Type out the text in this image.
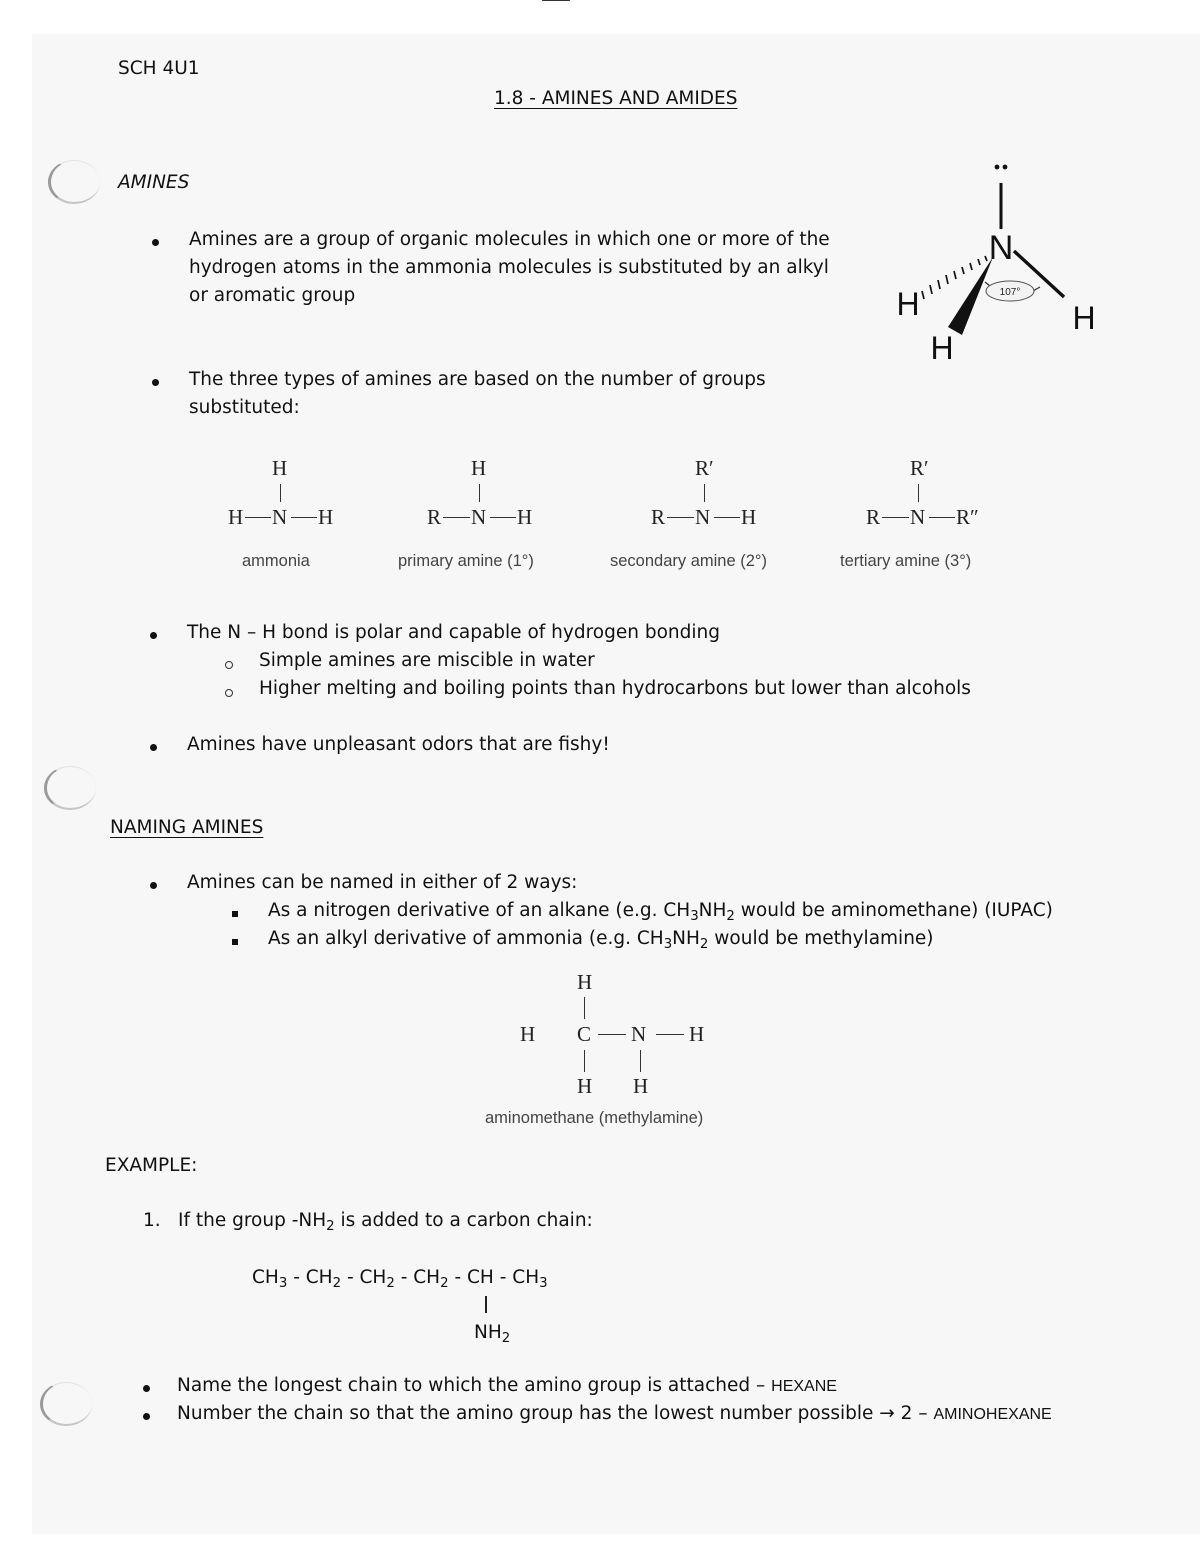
SCH 4U1
1.8 - AMINES AND AMIDES
AMINES
Amines are a group of organic molecules in which one or more of the
hydrogen atoms in the ammonia molecules is substituted by an alkyl
or aromatic group	107°
N
H
H
H
The three types of amines are based on the number of groups
substituted:
H
H N H
ammonia
H
R N H
primary amine (1°)
R′
R N H
secondary amine (2°)
R′
R N R″
tertiary amine (3°)
The N – H bond is polar and capable of hydrogen bonding
Simple amines are miscible in water
Higher melting and boiling points than hydrocarbons but lower than alcohols
Amines have unpleasant odors that are fishy!
NAMING AMINES
Amines can be named in either of 2 ways:
As a nitrogen derivative of an alkane (e.g. $CH_3NH_2$ would be aminomethane) (IUPAC)
As an alkyl derivative of ammonia (e.g. $CH_3NH_2$ would be methylamine)
H
H C N H
H H
aminomethane (methylamine)
EXAMPLE:
1. If the group $-NH_2$ is added to a carbon chain:
$CH_3 - CH_2 - CH_2 - CH_2$ - CH - $CH_3$
$NH_2$
Name the longest chain to which the amino group is attached – HEXANE
Number the chain so that the amino group has the lowest number possible → 2 – AMINOHEXANE
